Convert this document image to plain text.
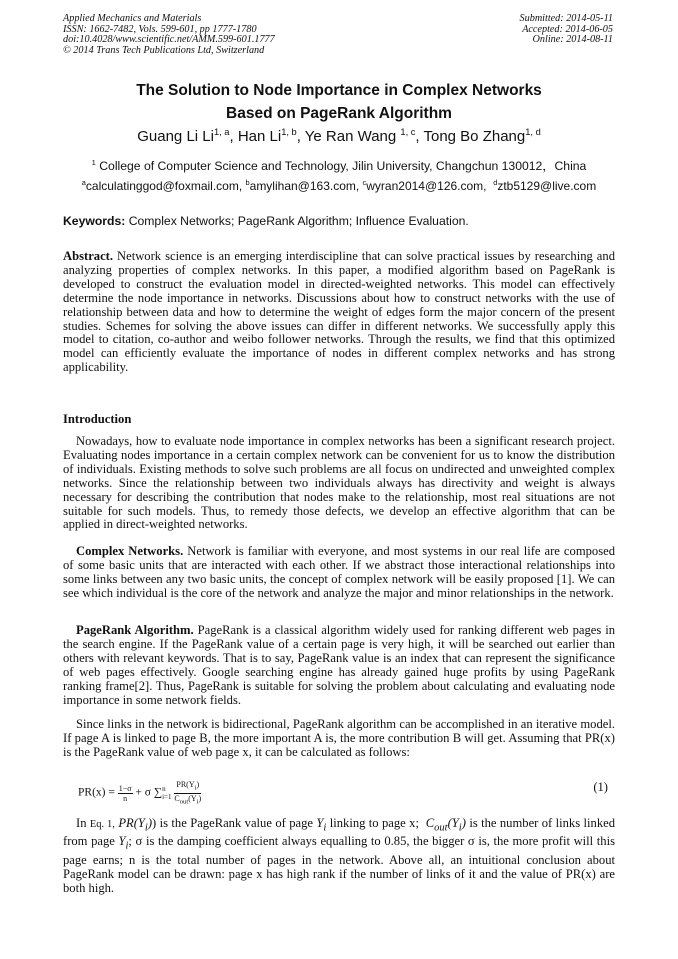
Applied Mechanics and Materials
ISSN: 1662-7482, Vols. 599-601, pp 1777-1780
doi:10.4028/www.scientific.net/AMM.599-601.1777
© 2014 Trans Tech Publications Ltd, Switzerland
Submitted: 2014-05-11
Accepted: 2014-06-05
Online: 2014-08-11
The Solution to Node Importance in Complex Networks
Based on PageRank Algorithm
Guang Li Li$^{1, a}$, Han Li$^{1, b}$, Ye Ran Wang $^{1, c}$, Tong Bo Zhang$^{1, d}$
$^1$ College of Computer Science and Technology, Jilin University, Changchun 130012，China
$^a$calculatinggod@foxmail.com, $^b$amylihan@163.com, $^c$wyran2014@126.com,  $^d$ztb5129@live.com
Keywords: Complex Networks; PageRank Algorithm; Influence Evaluation.
Abstract. Network science is an emerging interdiscipline that can solve practical issues by researching and analyzing properties of complex networks. In this paper, a modified algorithm based on PageRank is developed to construct the evaluation model in directed-weighted networks. This model can effectively determine the node importance in networks. Discussions about how to construct networks with the use of relationship between data and how to determine the weight of edges form the major concern of the present studies. Schemes for solving the above issues can differ in different networks. We successfully apply this model to citation, co-author and weibo follower networks. Through the results, we find that this optimized model can efficiently evaluate the importance of nodes in different complex networks and has strong applicability.
Introduction
Nowadays, how to evaluate node importance in complex networks has been a significant research project. Evaluating nodes importance in a certain complex network can be convenient for us to know the distribution of individuals. Existing methods to solve such problems are all focus on undirected and unweighted complex networks. Since the relationship between two individuals always has directivity and weight is always necessary for describing the contribution that nodes make to the relationship, most real situations are not suitable for such models. Thus, to remedy those defects, we develop an effective algorithm that can be applied in direct-weighted networks.
Complex Networks. Network is familiar with everyone, and most systems in our real life are composed of some basic units that are interacted with each other. If we abstract those interactional relationships into some links between any two basic units, the concept of complex network will be easily proposed [1]. We can see which individual is the core of the network and analyze the major and minor relationships in the network.
PageRank Algorithm. PageRank is a classical algorithm widely used for ranking different web pages in the search engine. If the PageRank value of a certain page is very high, it will be searched out earlier than others with relevant keywords. That is to say, PageRank value is an index that can represent the significance of web pages effectively. Google searching engine has already gained huge profits by using PageRank ranking frame[2]. Thus, PageRank is suitable for solving the problem about calculating and evaluating node importance in some network fields.
Since links in the network is bidirectional, PageRank algorithm can be accomplished in an iterative model. If page A is linked to page B, the more important A is, the more contribution B will get. Assuming that PR(x) is the PageRank value of web page x, it can be calculated as follows:
$PR(x) = \frac{1-\sigma}{n} + \sigma$ ∑ n
i=1
$\frac{PR(Y_i)}{C_{out}(Y_i)}$	(1)
In Eq. 1, $PR(Y_i)$) is the PageRank value of page $Y_i$ linking to page x;  $C_{out}(Y_i)$ is the number of links linked from page $Y_i$; σ is the damping coefficient always equalling to 0.85, the bigger σ is, the more profit will this page earns; n is the total number of pages in the network. Above all, an intuitional conclusion about PageRank model can be drawn: page x has high rank if the number of links of it and the value of PR(x) are both high.
